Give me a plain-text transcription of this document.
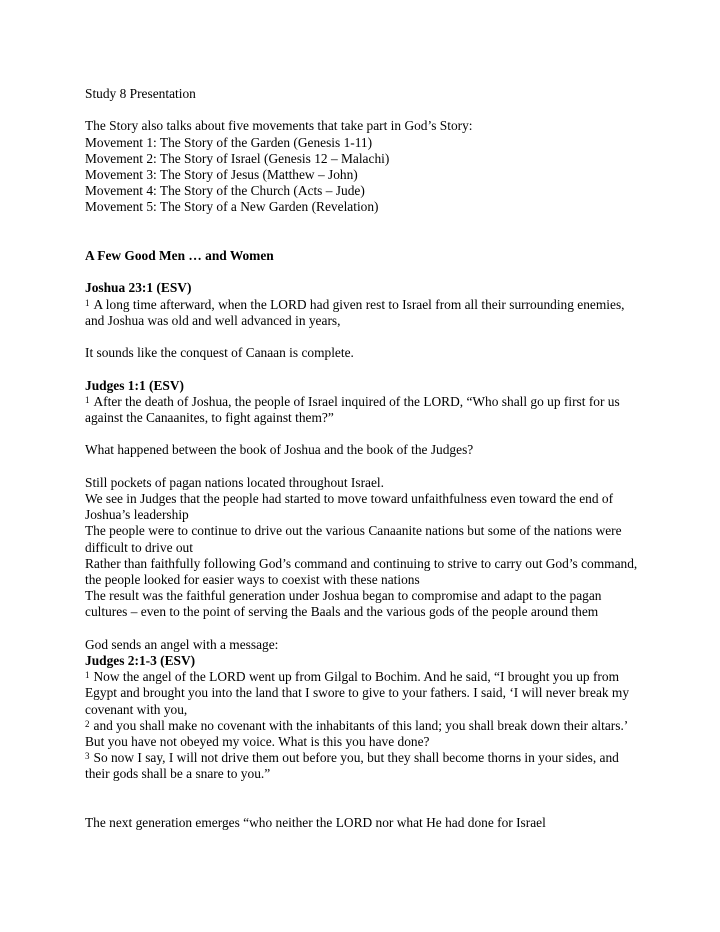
Study 8 Presentation
The Story also talks about five movements that take part in God’s Story:
Movement 1: The Story of the Garden (Genesis 1-11)
Movement 2: The Story of Israel (Genesis 12 – Malachi)
Movement 3: The Story of Jesus (Matthew – John)
Movement 4: The Story of the Church (Acts – Jude)
Movement 5: The Story of a New Garden (Revelation)
A Few Good Men … and Women
Joshua 23:1 (ESV)
$^1$ A long time afterward, when the LORD had given rest to Israel from all their surrounding enemies, and Joshua was old and well advanced in years,
It sounds like the conquest of Canaan is complete.
Judges 1:1 (ESV)
$^1$ After the death of Joshua, the people of Israel inquired of the LORD, “Who shall go up first for us against the Canaanites, to fight against them?”
What happened between the book of Joshua and the book of the Judges?
Still pockets of pagan nations located throughout Israel.
We see in Judges that the people had started to move toward unfaithfulness even toward the end of Joshua’s leadership
The people were to continue to drive out the various Canaanite nations but some of the nations were difficult to drive out
Rather than faithfully following God’s command and continuing to strive to carry out God’s command, the people looked for easier ways to coexist with these nations
The result was the faithful generation under Joshua began to compromise and adapt to the pagan cultures – even to the point of serving the Baals and the various gods of the people around them
God sends an angel with a message:
Judges 2:1-3 (ESV)
$^1$ Now the angel of the LORD went up from Gilgal to Bochim. And he said, “I brought you up from Egypt and brought you into the land that I swore to give to your fathers. I said, ‘I will never break my covenant with you,
$^2$ and you shall make no covenant with the inhabitants of this land; you shall break down their altars.’ But you have not obeyed my voice. What is this you have done?
$^3$ So now I say, I will not drive them out before you, but they shall become thorns in your sides, and their gods shall be a snare to you.”
The next generation emerges “who neither the LORD nor what He had done for Israel
